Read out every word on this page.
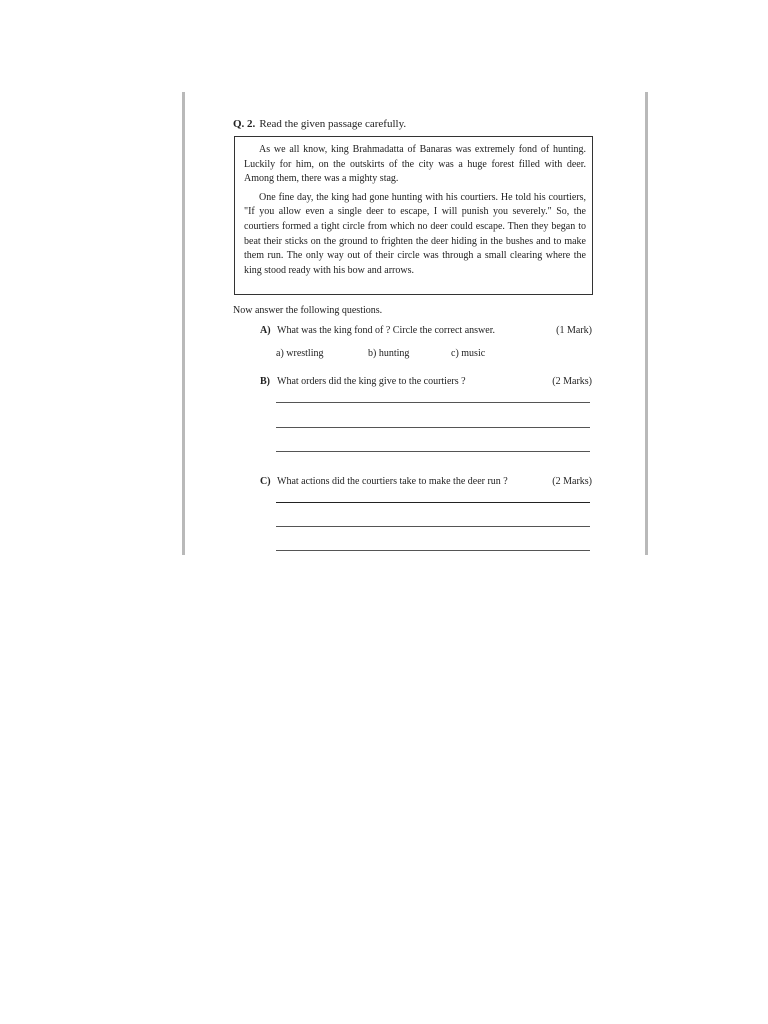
Q. 2. Read the given passage carefully.

As we all know, king Brahmadatta of Banaras was extremely fond of hunting. Luckily for him, on the outskirts of the city was a huge forest filled with deer. Among them, there was a mighty stag.

One fine day, the king had gone hunting with his courtiers. He told his courtiers, "If you allow even a single deer to escape, I will punish you severely." So, the courtiers formed a tight circle from which no deer could escape. Then they began to beat their sticks on the ground to frighten the deer hiding in the bushes and to make them run. The only way out of their circle was through a small clearing where the king stood ready with his bow and arrows.

Now answer the following questions.
A) What was the king fond of ? Circle the correct answer.	(1 Mark)
a) wrestling	b) hunting	c) music
B) What orders did the king give to the courtiers ?	(2 Marks)
C) What actions did the courtiers take to make the deer run ?	(2 Marks)
